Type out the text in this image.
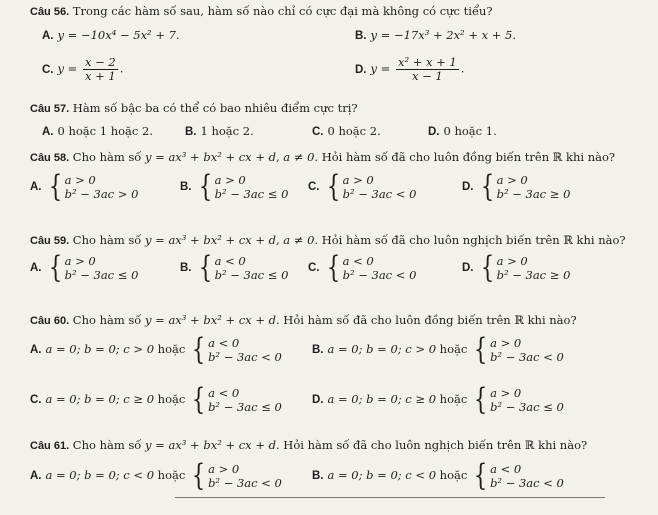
Câu 56. Trong các hàm số sau, hàm số nào chỉ có cực đại mà không có cực tiểu?
A. y = −10x⁴ − 5x² + 7.	B. y = −17x³ + 2x² + x + 5.
C. $y = \frac{x - 2}{x + 1}$ .	D. $y = \frac{\text{x² + x + 1}}{x - 1}$ .
Câu 57. Hàm số bậc ba có thể có bao nhiêu điểm cực trị?
A. 0 hoặc 1 hoặc 2.	B. 1 hoặc 2.	C. 0 hoặc 2.	D. 0 hoặc 1.
Câu 58. Cho hàm số y = ax³ + bx² + cx + d, a ≠ 0. Hỏi hàm số đã cho luôn đồng biến trên ℝ khi nào?
A. { a > 0
b² − 3ac > 0	B. { a > 0
b² − 3ac ≤ 0 C. { a > 0
b² − 3ac < 0	D. { a > 0
b² − 3ac ≥ 0
Câu 59. Cho hàm số y = ax³ + bx² + cx + d, a ≠ 0. Hỏi hàm số đã cho luôn nghịch biến trên ℝ khi nào?
A. { a > 0
b² − 3ac ≤ 0	B. { a < 0
b² − 3ac ≤ 0 C. { a < 0
b² − 3ac < 0	D. { a > 0
b² − 3ac ≥ 0
Câu 60. Cho hàm số y = ax³ + bx² + cx + d. Hỏi hàm số đã cho luôn đồng biến trên ℝ khi nào?
A. a = 0; b = 0; c > 0 hoặc { a < 0
b² − 3ac < 0	B. a = 0; b = 0; c > 0 hoặc { a > 0
b² − 3ac < 0
C. a = 0; b = 0; c ≥ 0 hoặc { a < 0
b² − 3ac ≤ 0	D. a = 0; b = 0; c ≥ 0 hoặc { a > 0
b² − 3ac ≤ 0
Câu 61. Cho hàm số y = ax³ + bx² + cx + d. Hỏi hàm số đã cho luôn nghịch biến trên ℝ khi nào?
A. a = 0; b = 0; c < 0 hoặc { a > 0
b² − 3ac < 0	B. a = 0; b = 0; c < 0 hoặc { a < 0
b² − 3ac < 0
